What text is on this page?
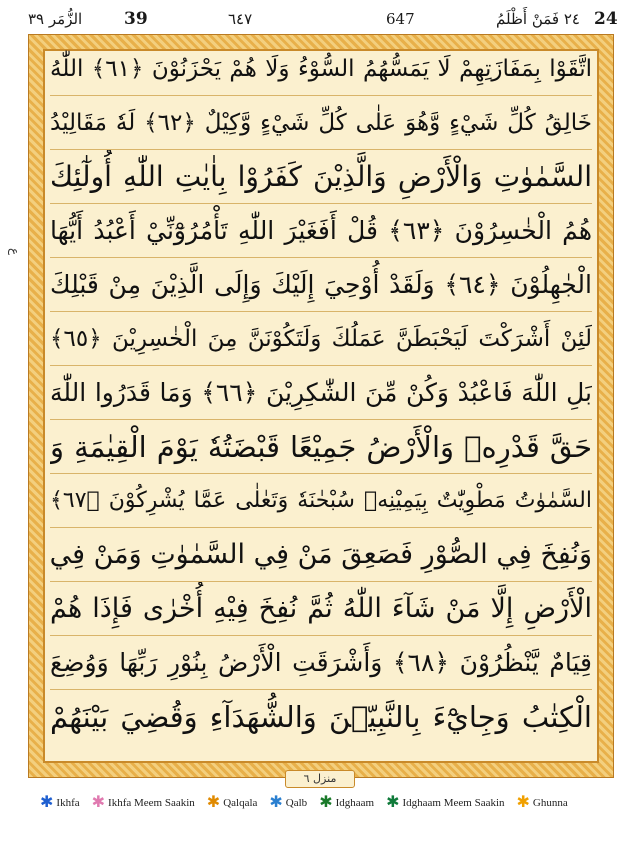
الزُّمَر ٣٩ 39	٦٤٧	647	٢٤ فَمَنْ أَظْلَمُ 24
ع
اتَّقَوْا بِمَفَازَتِهِمْ لَا يَمَسُّهُمُ السُّوْءُ وَلَا هُمْ يَحْزَنُوْنَ ﴿٦١﴾ اللّٰهُ
خَالِقُ كُلِّ شَيْءٍ وَّهُوَ عَلٰى كُلِّ شَيْءٍ وَّكِيْلٌ ﴿٦٢﴾ لَهٗ مَقَالِيْدُ
السَّمٰوٰتِ وَالْأَرْضِ وَالَّذِيْنَ كَفَرُوْا بِاٰيٰتِ اللّٰهِ أُولٰٓئِكَ
هُمُ الْخٰسِرُوْنَ ﴿٦٣﴾ قُلْ أَفَغَيْرَ اللّٰهِ تَأْمُرُوْٓنِّيْ أَعْبُدُ أَيُّهَا
الْجٰهِلُوْنَ ﴿٦٤﴾ وَلَقَدْ أُوْحِيَ إِلَيْكَ وَإِلَى الَّذِيْنَ مِنْ قَبْلِكَ
لَئِنْ أَشْرَكْتَ لَيَحْبَطَنَّ عَمَلُكَ وَلَتَكُوْنَنَّ مِنَ الْخٰسِرِيْنَ ﴿٦٥﴾
بَلِ اللّٰهَ فَاعْبُدْ وَكُنْ مِّنَ الشّٰكِرِيْنَ ﴿٦٦﴾ وَمَا قَدَرُوا اللّٰهَ
حَقَّ قَدْرِهٖ وَالْأَرْضُ جَمِيْعًا قَبْضَتُهٗ يَوْمَ الْقِيٰمَةِ وَ
السَّمٰوٰتُ مَطْوِيّٰتٌ بِيَمِيْنِهٖ سُبْحٰنَهٗ وَتَعٰلٰى عَمَّا يُشْرِكُوْنَ ﴿٦٧﴾
وَنُفِخَ فِي الصُّوْرِ فَصَعِقَ مَنْ فِي السَّمٰوٰتِ وَمَنْ فِي
الْأَرْضِ إِلَّا مَنْ شَآءَ اللّٰهُ ثُمَّ نُفِخَ فِيْهِ أُخْرٰى فَإِذَا هُمْ
قِيَامٌ يَّنْظُرُوْنَ ﴿٦٨﴾ وَأَشْرَقَتِ الْأَرْضُ بِنُوْرِ رَبِّهَا وَوُضِعَ
الْكِتٰبُ وَجِايْٓءَ بِالنَّبِيّٖنَ وَالشُّهَدَآءِ وَقُضِيَ بَيْنَهُمْ
منزل ٦
✱ Ikhfa ✱ Ikhfa Meem Saakin ✱ Qalqala ✱ Qalb ✱ Idghaam ✱ Idghaam Meem Saakin ✱ Ghunna
